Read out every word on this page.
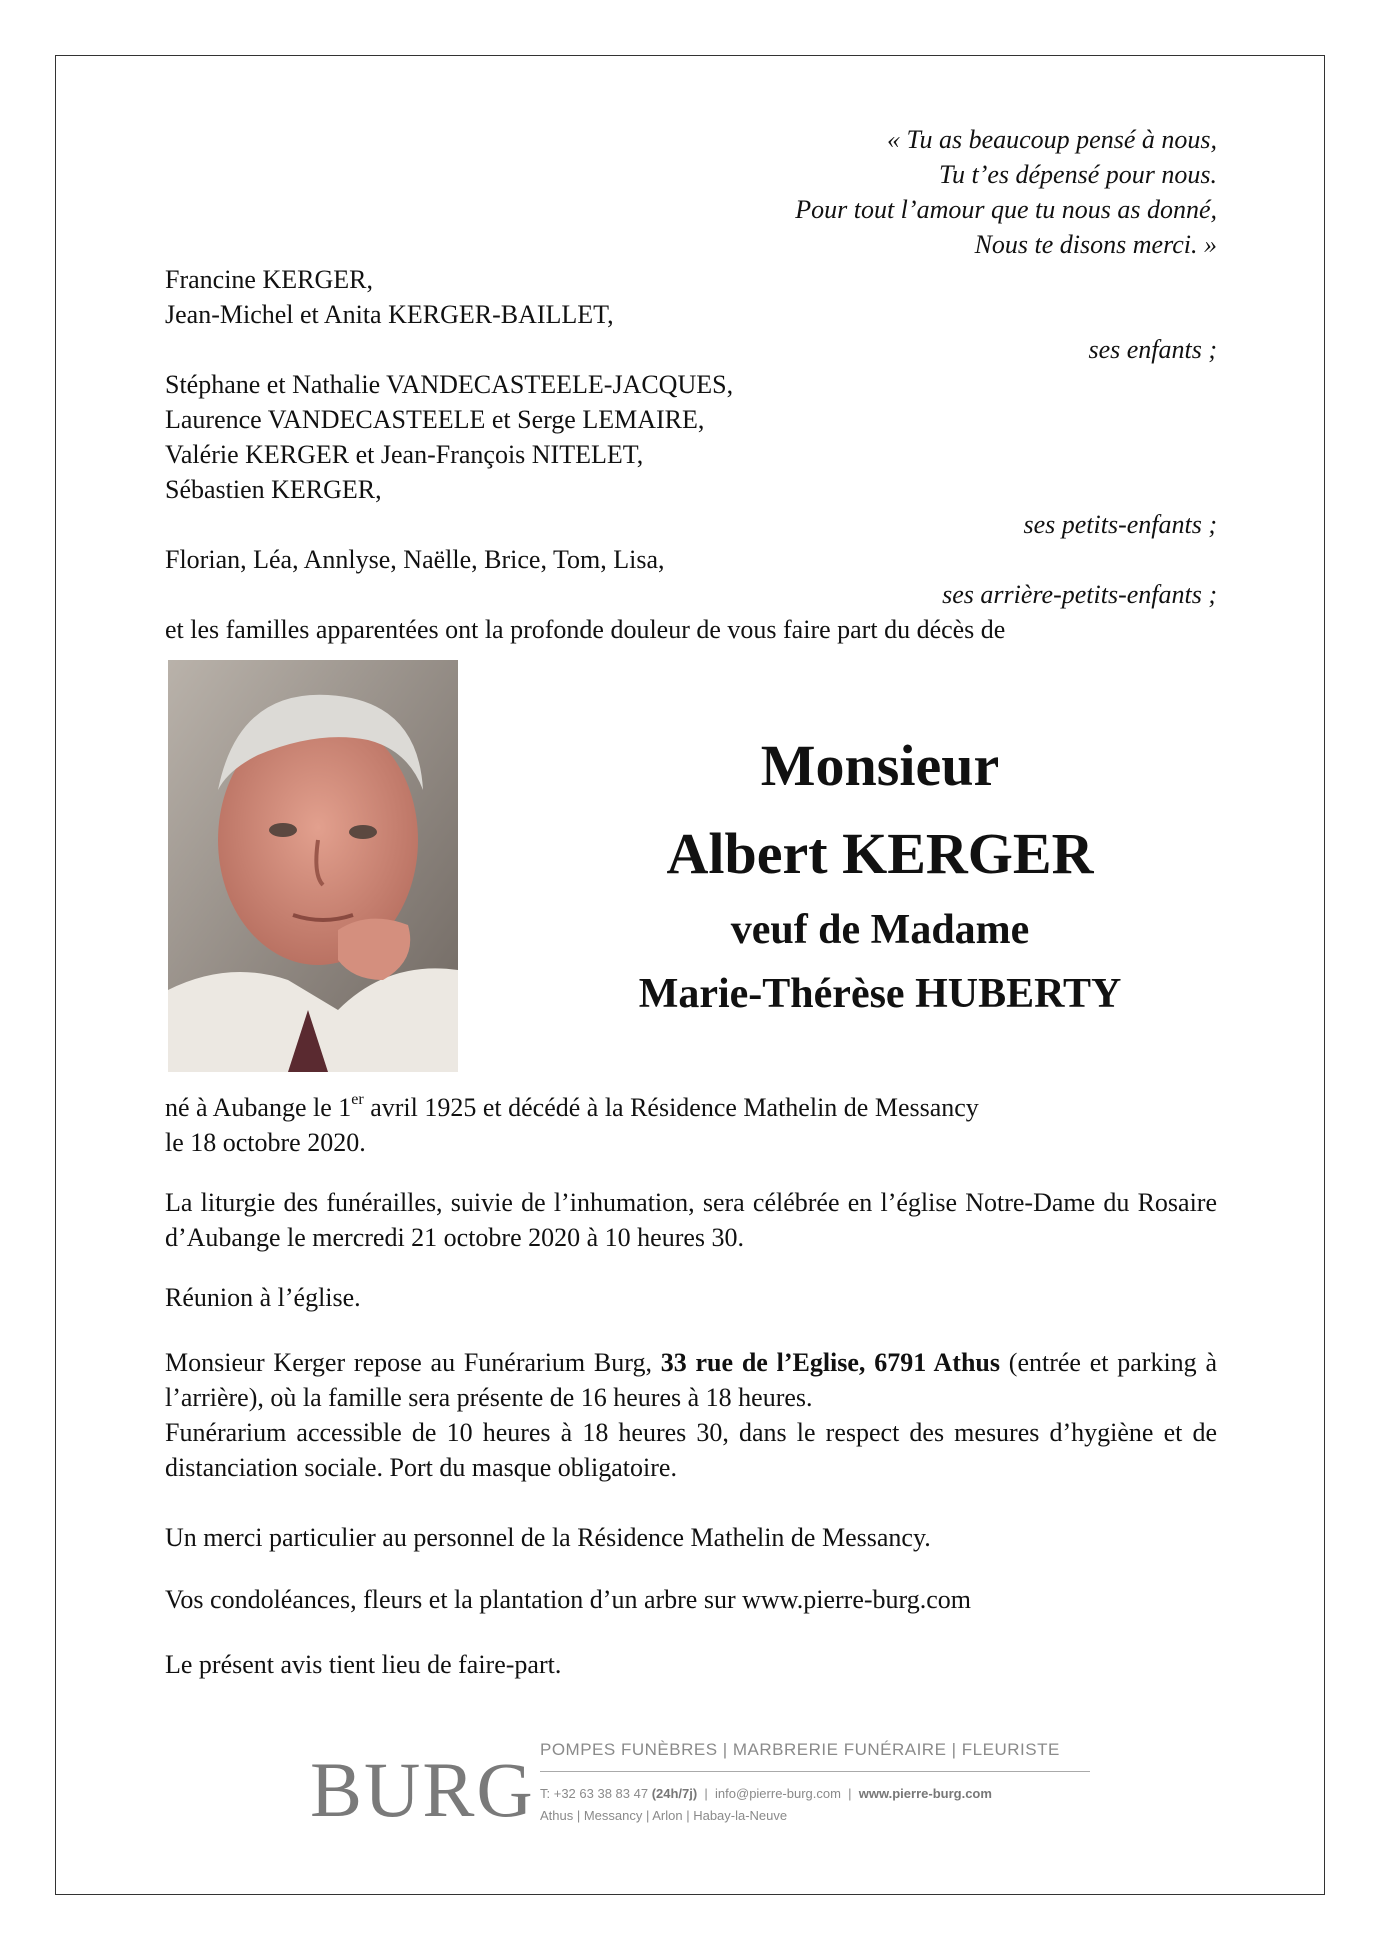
« Tu as beaucoup pensé à nous,
Tu t’es dépensé pour nous.
Pour tout l’amour que tu nous as donné,
Nous te disons merci. »
Francine KERGER,
Jean-Michel et Anita KERGER-BAILLET,
ses enfants ;
Stéphane et Nathalie VANDECASTEELE-JACQUES,
Laurence VANDECASTEELE et Serge LEMAIRE,
Valérie KERGER et Jean-François NITELET,
Sébastien KERGER,
ses petits-enfants ;
Florian, Léa, Annlyse, Naëlle, Brice, Tom, Lisa,
ses arrière-petits-enfants ;
et les familles apparentées ont la profonde douleur de vous faire part du décès de
Monsieur
Albert KERGER
veuf de Madame
Marie-Thérèse HUBERTY
né à Aubange le 1er avril 1925 et décédé à la Résidence Mathelin de Messancy
le 18 octobre 2020.
La liturgie des funérailles, suivie de l’inhumation, sera célébrée en l’église Notre-Dame du Rosaire d’Aubange le mercredi 21 octobre 2020 à 10 heures 30.
Réunion à l’église.
Monsieur Kerger repose au Funérarium Burg, 33 rue de l’Eglise, 6791 Athus (entrée et parking à l’arrière), où la famille sera présente de 16 heures à 18 heures.
Funérarium accessible de 10 heures à 18 heures 30, dans le respect des mesures d’hygiène et de distanciation sociale. Port du masque obligatoire.
Un merci particulier au personnel de la Résidence Mathelin de Messancy.
Vos condoléances, fleurs et la plantation d’un arbre sur www.pierre-burg.com
Le présent avis tient lieu de faire-part.
BURG POMPES FUNÈBRES | MARBRERIE FUNÉRAIRE | FLEURISTE
T: +32 63 38 83 47 (24h/7j)  |  info@pierre-burg.com  |  www.pierre-burg.com
Athus | Messancy | Arlon | Habay-la-Neuve
